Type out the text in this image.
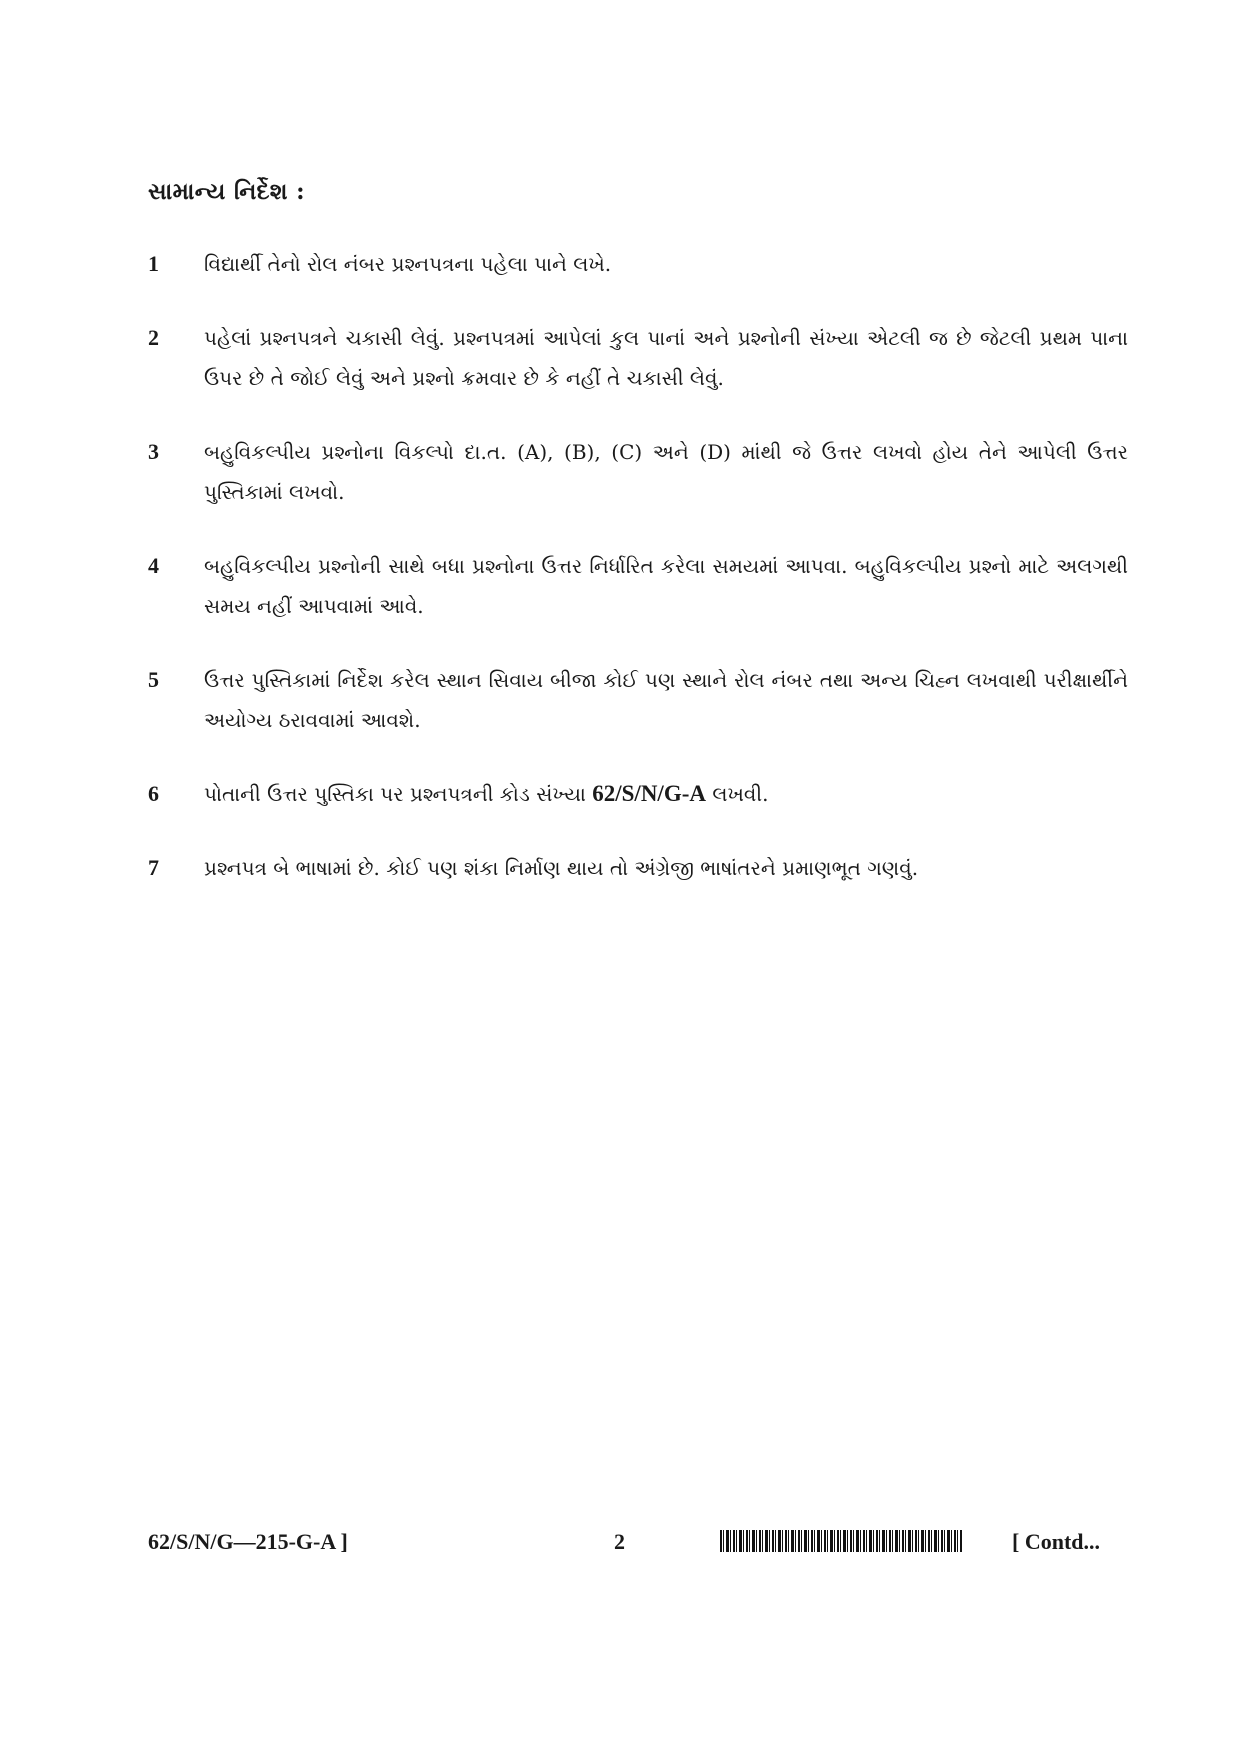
સામાન્ય નિર્દેશ :
1	વિદ્યાર્થી તેનો રોલ નંબર પ્રશ્નપત્રના પહેલા પાને લખે.

2	પહેલાં પ્રશ્નપત્રને ચકાસી લેવું. પ્રશ્નપત્રમાં આપેલાં કુલ પાનાં અને પ્રશ્નોની સંખ્યા એટલી જ છે જેટલી પ્રથમ પાના ઉપર છે તે જોઈ લેવું અને પ્રશ્નો ક્રમવાર છે કે નહીં તે ચકાસી લેવું.

3	બહુવિકલ્પીય પ્રશ્નોના વિકલ્પો દા.ત. (A), (B), (C) અને (D) માંથી જે ઉત્તર લખવો હોય તેને આપેલી ઉત્તર પુસ્તિકામાં લખવો.

4	બહુવિકલ્પીય પ્રશ્નોની સાથે બધા પ્રશ્નોના ઉત્તર નિર્ધારિત કરેલા સમયમાં આપવા. બહુવિકલ્પીય પ્રશ્નો માટે અલગથી સમય નહીં આપવામાં આવે.

5	ઉત્તર પુસ્તિકામાં નિર્દેશ કરેલ સ્થાન સિવાય બીજા કોઈ પણ સ્થાને રોલ નંબર તથા અન્ય ચિહ્ન લખવાથી પરીક્ષાર્થીને અયોગ્ય ઠરાવવામાં આવશે.

6	પોતાની ઉત્તર પુસ્તિકા પર પ્રશ્નપત્રની કોડ સંખ્યા 62/S/N/G-A લખવી.

7	પ્રશ્નપત્ર બે ભાષામાં છે. કોઈ પણ શંકા નિર્માણ થાય તો અંગ્રેજી ભાષાંતરને પ્રમાણભૂત ગણવું.

62/S/N/G—215-G-A ]	2	[ Contd...
